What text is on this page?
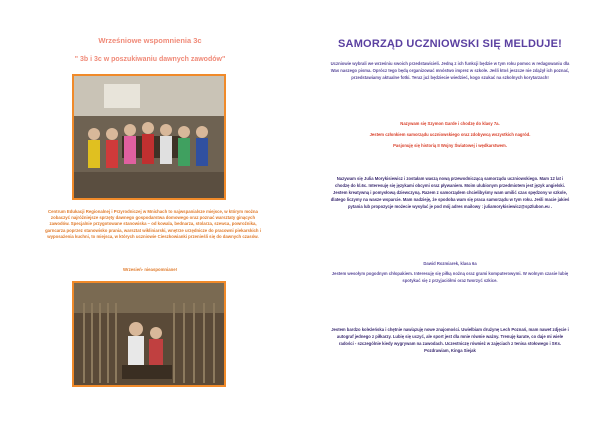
Wrześniowe wspomnienia 3c
" 3b i 3c w poszukiwaniu dawnych zawodów"
Centrum Edukacji Regionalnej i Przyrodniczej w Mnichach to najwspanialsze miejsce, w którym można zobaczyć najróżniejsze sprzęty dawnego gospodarstwa domowego oraz poznać warsztaty ginących zawodów. Specjalnie przygotowane stanowiska – od kowala, bednarza, stolarza, szewca, powroźnika, garncarza poprzez stanowisko prania, warsztat wikliniarski, wnętrze urzędnicze do pracowni piekarskich i wyposażenia kuchni, to miejsca, w których uczniowie Cieszkowianki przenieśli się do dawnych czasów.
Wrzesień- nieaspomniane!
SAMORZĄD UCZNIOWSKI SIĘ MELDUJE!
Uczniowie wybrali we wrześniu swoich przedstawicieli. Jedną z ich funkcji będzie w tym roku pomoc w redagowaniu dla Was naszego pisma. Oprócz tego będą organizować mnóstwo imprez w szkole. Jeśli ktoś jeszcze nie zdążył ich poznać, przedstawiamy aktualne fotki. Teraz już będziecie wiedzieć, kogo szukać na szkolnych korytarzach!
Nazywam się Szymon Garde i chodzę do klasy 7a.
Jestem członkiem samorządu uczniowskiego oraz zdobywcą wszystkich nagród.
Pasjonuję się historią II Wojny Światowej i wędkarstwem.
Nazywam się Julia Morykisiewicz i zostałam waszą nową przewodniczącą samorządu uczniowskiego. Mam 12 lat i chodzę do kl.6c. Interesuję się językami obcymi oraz pływaniem. Moim ulubionym przedmiotem jest język angielski. Jestem kreatywną i pomysłową dziewczyną. Razem z samorządem chcielibyśmy wam umilić czas spędzony w szkole, dlatego liczymy na wasze wsparcie. Mam nadzieję, że spodoba wam się praca samorządu w tym roku. Jeśli macie jakieś pytania lub propozycje możecie wysyłać je pod mój adres mailowy : juliamorykisiewicz@sp2lubon.eu .
Dawid Rozmiarek, klasa 6a
Jestem wesołym pogodnym chłopakiem. Interesuję się piłką nożną oraz grami komputerowymi. W wolnym czasie lubię spotykać się z przyjaciółmi oraz tworzyć szkice.
Jestem bardzo koleżeńska i chętnie nawiązuję nowe znajomości. Uwielbiam drużynę Lech Poznań, mam nawet zdjęcie i autograf jednego z piłkarzy. Lubię się uczyć, ale sport jest dla mnie równie ważny. Trenuję karate, co daje mi wiele radości - szczególnie kiedy wygrywam na zawodach. Uczestniczę również w zajęciach z tenisa stołowego i SKs. Pozdrawiam, Kinga Siejak
